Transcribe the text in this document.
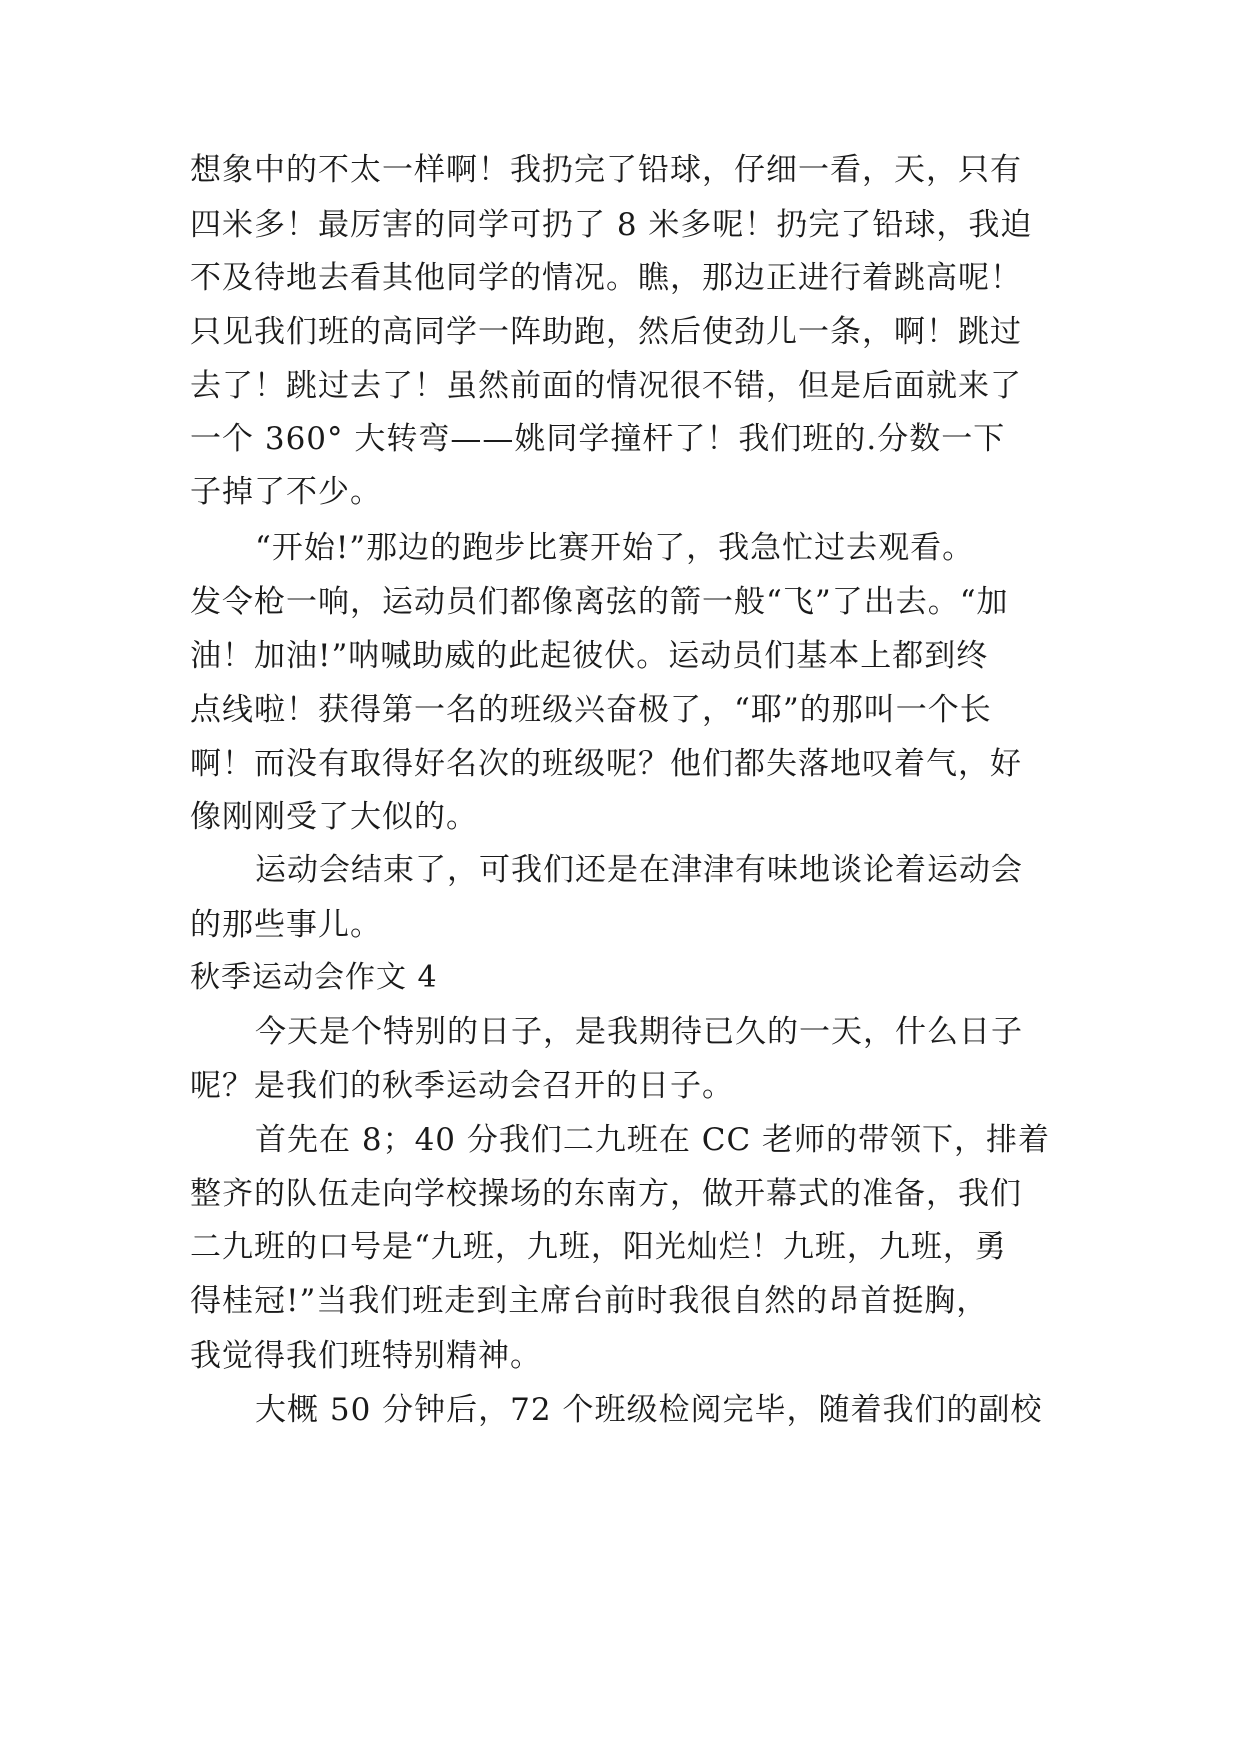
想象中的不太一样啊！我扔完了铅球，仔细一看，天，只有
四米多！最厉害的同学可扔了 8 米多呢！扔完了铅球，我迫
不及待地去看其他同学的情况。瞧，那边正进行着跳高呢！
只见我们班的高同学一阵助跑，然后使劲儿一条，啊！跳过
去了！跳过去了！虽然前面的情况很不错，但是后面就来了
一个 360° 大转弯——姚同学撞杆了！我们班的.分数一下
子掉了不少。
“开始!”那边的跑步比赛开始了，我急忙过去观看。
发令枪一响，运动员们都像离弦的箭一般“飞”了出去。“加
油！加油!”呐喊助威的此起彼伏。运动员们基本上都到终
点线啦！获得第一名的班级兴奋极了，“耶”的那叫一个长
啊！而没有取得好名次的班级呢？他们都失落地叹着气，好
像刚刚受了大似的。
运动会结束了，可我们还是在津津有味地谈论着运动会
的那些事儿。
秋季运动会作文 4
今天是个特别的日子，是我期待已久的一天，什么日子
呢？是我们的秋季运动会召开的日子。
首先在 8；40 分我们二九班在 CC 老师的带领下，排着
整齐的队伍走向学校操场的东南方，做开幕式的准备，我们
二九班的口号是“九班，九班，阳光灿烂！九班，九班，勇
得桂冠!”当我们班走到主席台前时我很自然的昂首挺胸，
我觉得我们班特别精神。
大概 50 分钟后，72 个班级检阅完毕，随着我们的副校
